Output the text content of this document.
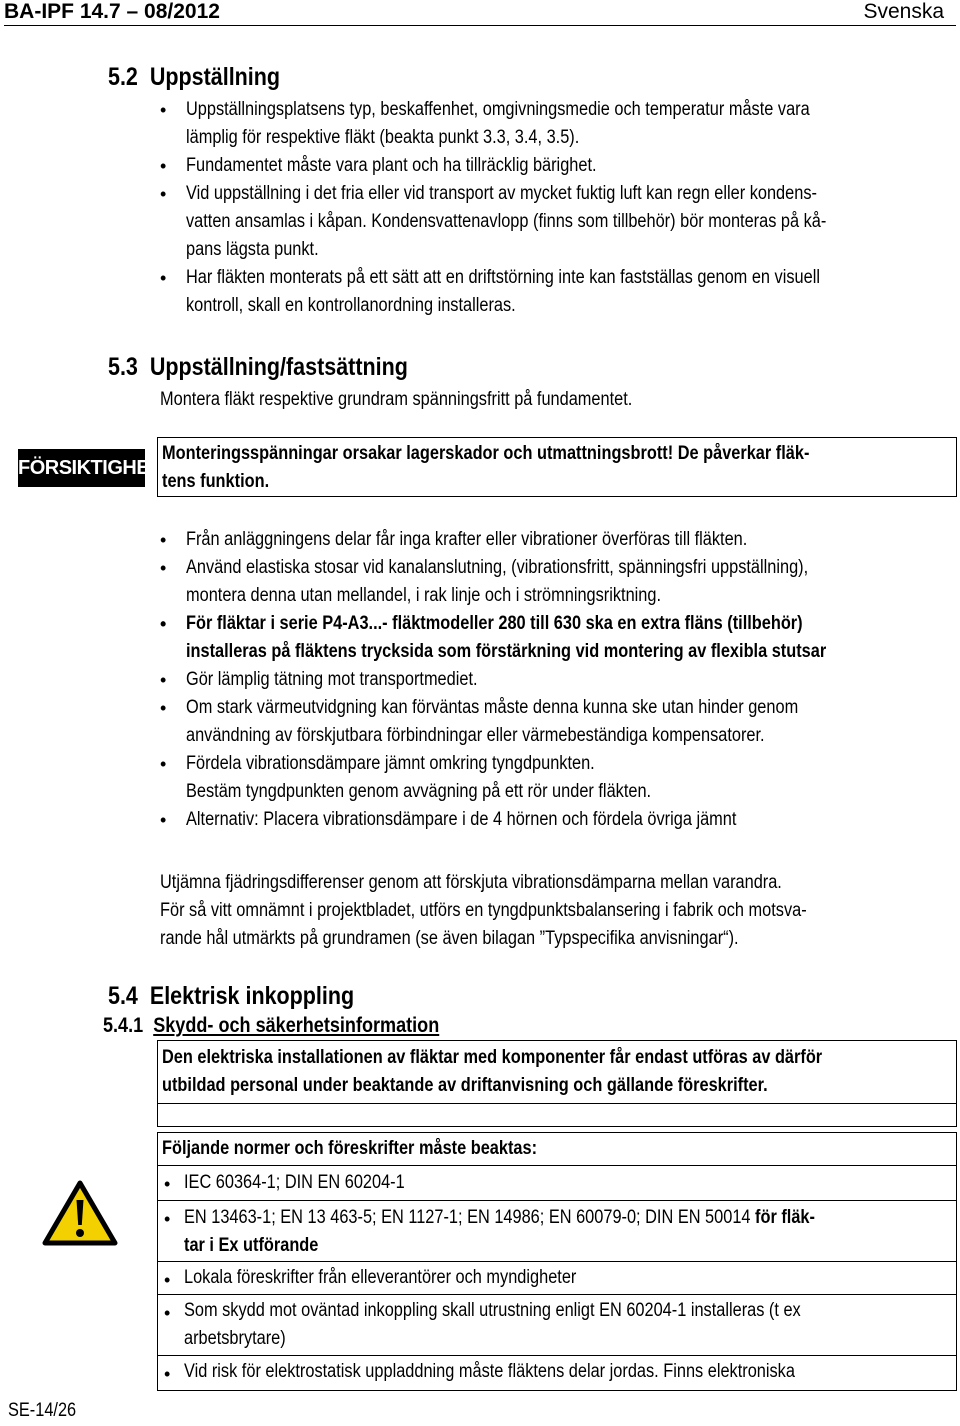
BA-IPF 14.7 – 08/2012	Svenska
5.2 Uppställning
• Uppställningsplatsens typ, beskaffenhet, omgivningsmedie och temperatur måste vara
lämplig för respektive fläkt (beakta punkt 3.3, 3.4, 3.5).
• Fundamentet måste vara plant och ha tillräcklig bärighet.
• Vid uppställning i det fria eller vid transport av mycket fuktig luft kan regn eller kondens-
vatten ansamlas i kåpan. Kondensvattenavlopp (finns som tillbehör) bör monteras på kå-
pans lägsta punkt.
• Har fläkten monterats på ett sätt att en driftstörning inte kan fastställas genom en visuell
kontroll, skall en kontrollanordning installeras.
5.3 Uppställning/fastsättning
Montera fläkt respektive grundram spänningsfritt på fundamentet.
FÖRSIKTIGHET
Monteringsspänningar orsakar lagerskador och utmattningsbrott! De påverkar fläk-
tens funktion.
• Från anläggningens delar får inga krafter eller vibrationer överföras till fläkten.
• Använd elastiska stosar vid kanalanslutning, (vibrationsfritt, spänningsfri uppställning),
montera denna utan mellandel, i rak linje och i strömningsriktning.
• För fläktar i serie P4-A3...- fläktmodeller 280 till 630 ska en extra fläns (tillbehör)
installeras på fläktens trycksida som förstärkning vid montering av flexibla stutsar
• Gör lämplig tätning mot transportmediet.
• Om stark värmeutvidgning kan förväntas måste denna kunna ske utan hinder genom
användning av förskjutbara förbindningar eller värmebeständiga kompensatorer.
• Fördela vibrationsdämpare jämnt omkring tyngdpunkten.
Bestäm tyngdpunkten genom avvägning på ett rör under fläkten.
• Alternativ: Placera vibrationsdämpare i de 4 hörnen och fördela övriga jämnt
Utjämna fjädringsdifferenser genom att förskjuta vibrationsdämparna mellan varandra.
För så vitt omnämnt i projektbladet, utförs en tyngdpunktsbalansering i fabrik och motsva-
rande hål utmärkts på grundramen (se även bilagan ”Typspecifika anvisningar“).
5.4 Elektrisk inkoppling
5.4.1 Skydd- och säkerhetsinformation
Den elektriska installationen av fläktar med komponenter får endast utföras av därför
utbildad personal under beaktande av driftanvisning och gällande föreskrifter.
Följande normer och föreskrifter måste beaktas:

• IEC 60364-1; DIN EN 60204-1

• EN 13463-1; EN 13 463-5; EN 1127-1; EN 14986; EN 60079-0; DIN EN 50014 för fläk-
tar i Ex utförande

• Lokala föreskrifter från elleverantörer och myndigheter

• Som skydd mot oväntad inkoppling skall utrustning enligt EN 60204-1 installeras (t ex
arbetsbrytare)

• Vid risk för elektrostatisk uppladdning måste fläktens delar jordas. Finns elektroniska
SE-14/26
